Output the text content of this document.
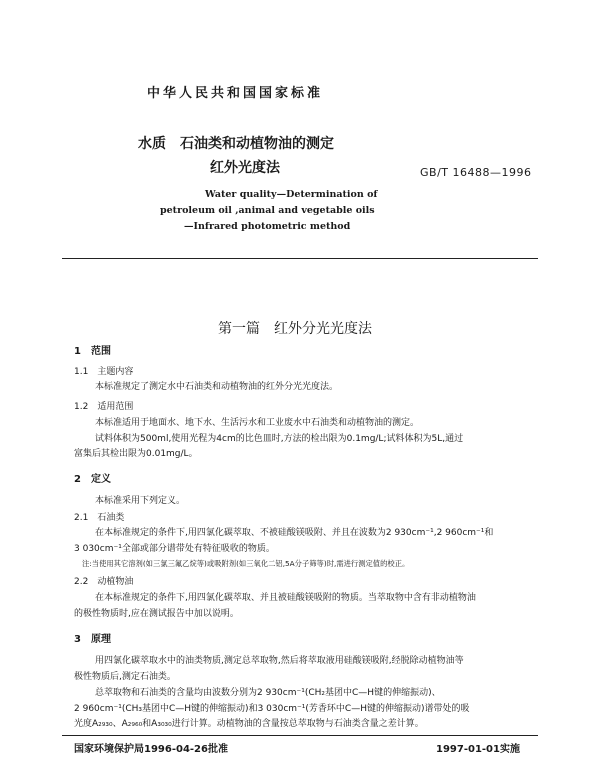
中华人民共和国国家标准
水质　石油类和动植物油的测定
红外光度法	GB/T 16488—1996
Water quality—Determination of
petroleum oil ,animal and vegetable oils
—Infrared photometric method
第一篇　 红外分光光度法
1　范围
1.1　主题内容
本标准规定了测定水中石油类和动植物油的红外分光光度法。
1.2　适用范围
本标准适用于地面水、地下水、生活污水和工业废水中石油类和动植物油的测定。
试料体积为500ml,使用光程为4cm的比色皿时,方法的检出限为0.1mg/L;试料体积为5L,通过
富集后其检出限为0.01mg/L。
2　定义
本标准采用下列定义。
2.1　石油类
在本标准规定的条件下,用四氯化碳萃取、不被硅酸镁吸附、并且在波数为2 930cm⁻¹,2 960cm⁻¹和
3 030cm⁻¹全部或部分谱带处有特征吸收的物质。
注:当使用其它溶剂(如三氯三氟乙烷等)或吸附剂(如三氧化二铝,5A分子筛等)时,需进行测定值的校正。
2.2　动植物油
在本标准规定的条件下,用四氯化碳萃取、并且被硅酸镁吸附的物质。当萃取物中含有非动植物油
的极性物质时,应在测试报告中加以说明。
3　原理
用四氯化碳萃取水中的油类物质,测定总萃取物,然后将萃取液用硅酸镁吸附,经脱除动植物油等
极性物质后,测定石油类。
总萃取物和石油类的含量均由波数分别为2 930cm⁻¹(CH₂基团中C—H键的伸缩振动)、
2 960cm⁻¹(CH₃基团中C—H键的伸缩振动)和3 030cm⁻¹(芳香环中C—H键的伸缩振动)谱带处的吸
光度A₂₉₃₀、A₂₉₆₀和A₃₀₃₀进行计算。动植物油的含量按总萃取物与石油类含量之差计算。
国家环境保护局1996-04-26批准	1997-01-01实施
